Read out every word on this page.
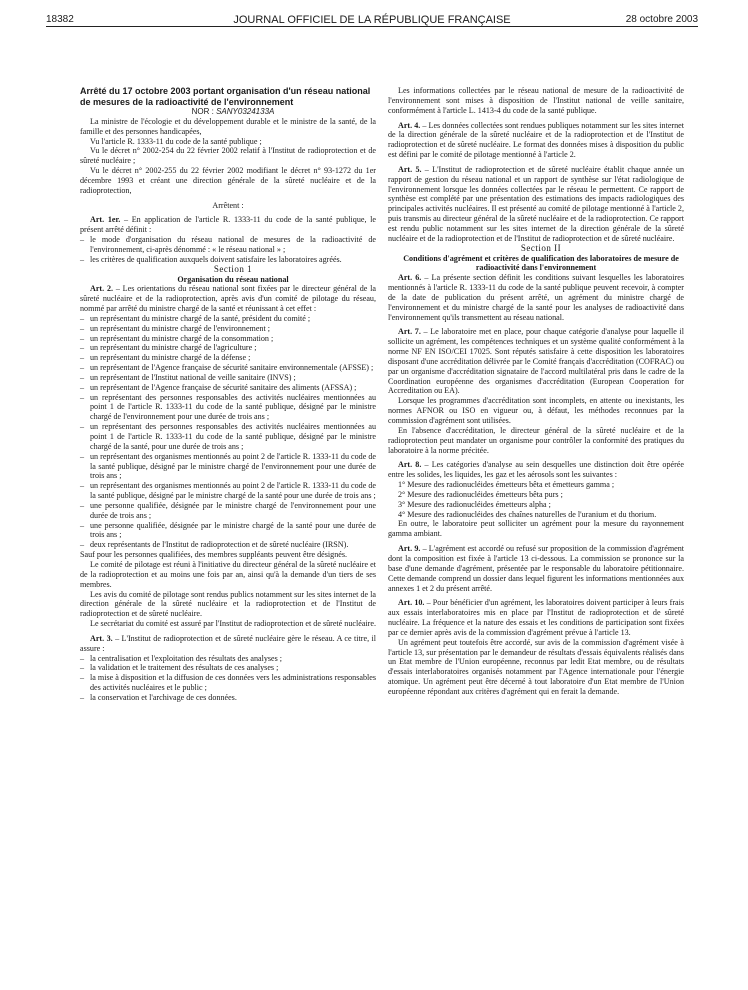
18382	JOURNAL OFFICIEL DE LA RÉPUBLIQUE FRANÇAISE	28 octobre 2003

Arrêté du 17 octobre 2003 portant organisation d'un réseau national de mesures de la radioactivité de l'environnement

NOR : SANY0324133A

La ministre de l'écologie et du développement durable et le ministre de la santé, de la famille et des personnes handicapées,

Vu l'article R. 1333-11 du code de la santé publique ;

Vu le décret n° 2002-254 du 22 février 2002 relatif à l'Institut de radioprotection et de sûreté nucléaire ;

Vu le décret n° 2002-255 du 22 février 2002 modifiant le décret n° 93-1272 du 1er décembre 1993 et créant une direction générale de la sûreté nucléaire et de la radioprotection,

Arrêtent :

Art. 1er. – En application de l'article R. 1333-11 du code de la santé publique, le présent arrêté définit :

– le mode d'organisation du réseau national de mesures de la radioactivité de l'environnement, ci-après dénommé : « le réseau national » ;
– les critères de qualification auxquels doivent satisfaire les laboratoires agréés.

Section 1

Organisation du réseau national

Art. 2. – Les orientations du réseau national sont fixées par le directeur général de la sûreté nucléaire et de la radioprotection, après avis d'un comité de pilotage du réseau, nommé par arrêté du ministre chargé de la santé et réunissant à cet effet :

– un représentant du ministre chargé de la santé, président du comité ;
– un représentant du ministre chargé de l'environnement ;
– un représentant du ministre chargé de la consommation ;
– un représentant du ministre chargé de l'agriculture ;
– un représentant du ministre chargé de la défense ;
– un représentant de l'Agence française de sécurité sanitaire environnementale (AFSSE) ;
– un représentant de l'Institut national de veille sanitaire (INVS) ;
– un représentant de l'Agence française de sécurité sanitaire des aliments (AFSSA) ;
– un représentant des personnes responsables des activités nucléaires mentionnées au point 1 de l'article R. 1333-11 du code de la santé publique, désigné par le ministre chargé de l'environnement pour une durée de trois ans ;
– un représentant des personnes responsables des activités nucléaires mentionnées au point 1 de l'article R. 1333-11 du code de la santé publique, désigné par le ministre chargé de la santé, pour une durée de trois ans ;
– un représentant des organismes mentionnés au point 2 de l'article R. 1333-11 du code de la santé publique, désigné par le ministre chargé de l'environnement pour une durée de trois ans ;
– un représentant des organismes mentionnés au point 2 de l'article R. 1333-11 du code de la santé publique, désigné par le ministre chargé de la santé pour une durée de trois ans ;
– une personne qualifiée, désignée par le ministre chargé de l'environnement pour une durée de trois ans ;
– une personne qualifiée, désignée par le ministre chargé de la santé pour une durée de trois ans ;
– deux représentants de l'Institut de radioprotection et de sûreté nucléaire (IRSN).

Sauf pour les personnes qualifiées, des membres suppléants peuvent être désignés.

Le comité de pilotage est réuni à l'initiative du directeur général de la sûreté nucléaire et de la radioprotection et au moins une fois par an, ainsi qu'à la demande d'un tiers de ses membres.

Les avis du comité de pilotage sont rendus publics notamment sur les sites internet de la direction générale de la sûreté nucléaire et la radioprotection et de l'Institut de radioprotection et de sûreté nucléaire.

Le secrétariat du comité est assuré par l'Institut de radioprotection et de sûreté nucléaire.

Art. 3. – L'Institut de radioprotection et de sûreté nucléaire gère le réseau. A ce titre, il assure :

– la centralisation et l'exploitation des résultats des analyses ;
– la validation et le traitement des résultats de ces analyses ;
– la mise à disposition et la diffusion de ces données vers les administrations responsables des activités nucléaires et le public ;
– la conservation et l'archivage de ces données.

Les informations collectées par le réseau national de mesure de la radioactivité de l'environnement sont mises à disposition de l'Institut national de veille sanitaire, conformément à l'article L. 1413-4 du code de la santé publique.

Art. 4. – Les données collectées sont rendues publiques notamment sur les sites internet de la direction générale de la sûreté nucléaire et de la radioprotection et de l'Institut de radioprotection et de sûreté nucléaire. Le format des données mises à disposition du public est défini par le comité de pilotage mentionné à l'article 2.

Art. 5. – L'Institut de radioprotection et de sûreté nucléaire établit chaque année un rapport de gestion du réseau national et un rapport de synthèse sur l'état radiologique de l'environnement lorsque les données collectées par le réseau le permettent. Ce rapport de synthèse est complété par une présentation des estimations des impacts radiologiques des principales activités nucléaires. Il est présenté au comité de pilotage mentionné à l'article 2, puis transmis au directeur général de la sûreté nucléaire et de la radioprotection. Ce rapport est rendu public notamment sur les sites internet de la direction générale de la sûreté nucléaire et de la radioprotection et de l'Institut de radioprotection et de sûreté nucléaire.

Section II

Conditions d'agrément et critères de qualification des laboratoires de mesure de radioactivité dans l'environnement

Art. 6. – La présente section définit les conditions suivant lesquelles les laboratoires mentionnés à l'article R. 1333-11 du code de la santé publique peuvent recevoir, à compter de la date de publication du présent arrêté, un agrément du ministre chargé de l'environnement et du ministre chargé de la santé pour les analyses de radioactivité dans l'environnement qu'ils transmettent au réseau national.

Art. 7. – Le laboratoire met en place, pour chaque catégorie d'analyse pour laquelle il sollicite un agrément, les compétences techniques et un système qualité conformément à la norme NF EN ISO/CEI 17025. Sont réputés satisfaire à cette disposition les laboratoires disposant d'une accréditation délivrée par le Comité français d'accréditation (COFRAC) ou par un organisme d'accréditation signataire de l'accord multilatéral pris dans le cadre de la Coordination européenne des organismes d'accréditation (European Cooperation for Accreditation ou EA).

Lorsque les programmes d'accréditation sont incomplets, en attente ou inexistants, les normes AFNOR ou ISO en vigueur ou, à défaut, les méthodes reconnues par la commission d'agrément sont utilisées.

En l'absence d'accréditation, le directeur général de la sûreté nucléaire et de la radioprotection peut mandater un organisme pour contrôler la conformité des pratiques du laboratoire à la norme précitée.

Art. 8. – Les catégories d'analyse au sein desquelles une distinction doit être opérée entre les solides, les liquides, les gaz et les aérosols sont les suivantes :

1° Mesure des radionucléides émetteurs bêta et émetteurs gamma ;
2° Mesure des radionucléides émetteurs bêta purs ;
3° Mesure des radionucléides émetteurs alpha ;
4° Mesure des radionucléides des chaînes naturelles de l'uranium et du thorium.

En outre, le laboratoire peut solliciter un agrément pour la mesure du rayonnement gamma ambiant.

Art. 9. – L'agrément est accordé ou refusé sur proposition de la commission d'agrément dont la composition est fixée à l'article 13 ci-dessous. La commission se prononce sur la base d'une demande d'agrément, présentée par le responsable du laboratoire pétitionnaire. Cette demande comprend un dossier dans lequel figurent les informations mentionnées aux annexes 1 et 2 du présent arrêté.

Art. 10. – Pour bénéficier d'un agrément, les laboratoires doivent participer à leurs frais aux essais interlaboratoires mis en place par l'Institut de radioprotection et de sûreté nucléaire. La fréquence et la nature des essais et les conditions de participation sont fixées par ce dernier après avis de la commission d'agrément prévue à l'article 13.

Un agrément peut toutefois être accordé, sur avis de la commission d'agrément visée à l'article 13, sur présentation par le demandeur de résultats d'essais équivalents réalisés dans un Etat membre de l'Union européenne, reconnus par ledit Etat membre, ou de résultats d'essais interlaboratoires organisés notamment par l'Agence internationale pour l'énergie atomique. Un agrément peut être décerné à tout laboratoire d'un Etat membre de l'Union européenne répondant aux critères d'agrément qui en ferait la demande.
